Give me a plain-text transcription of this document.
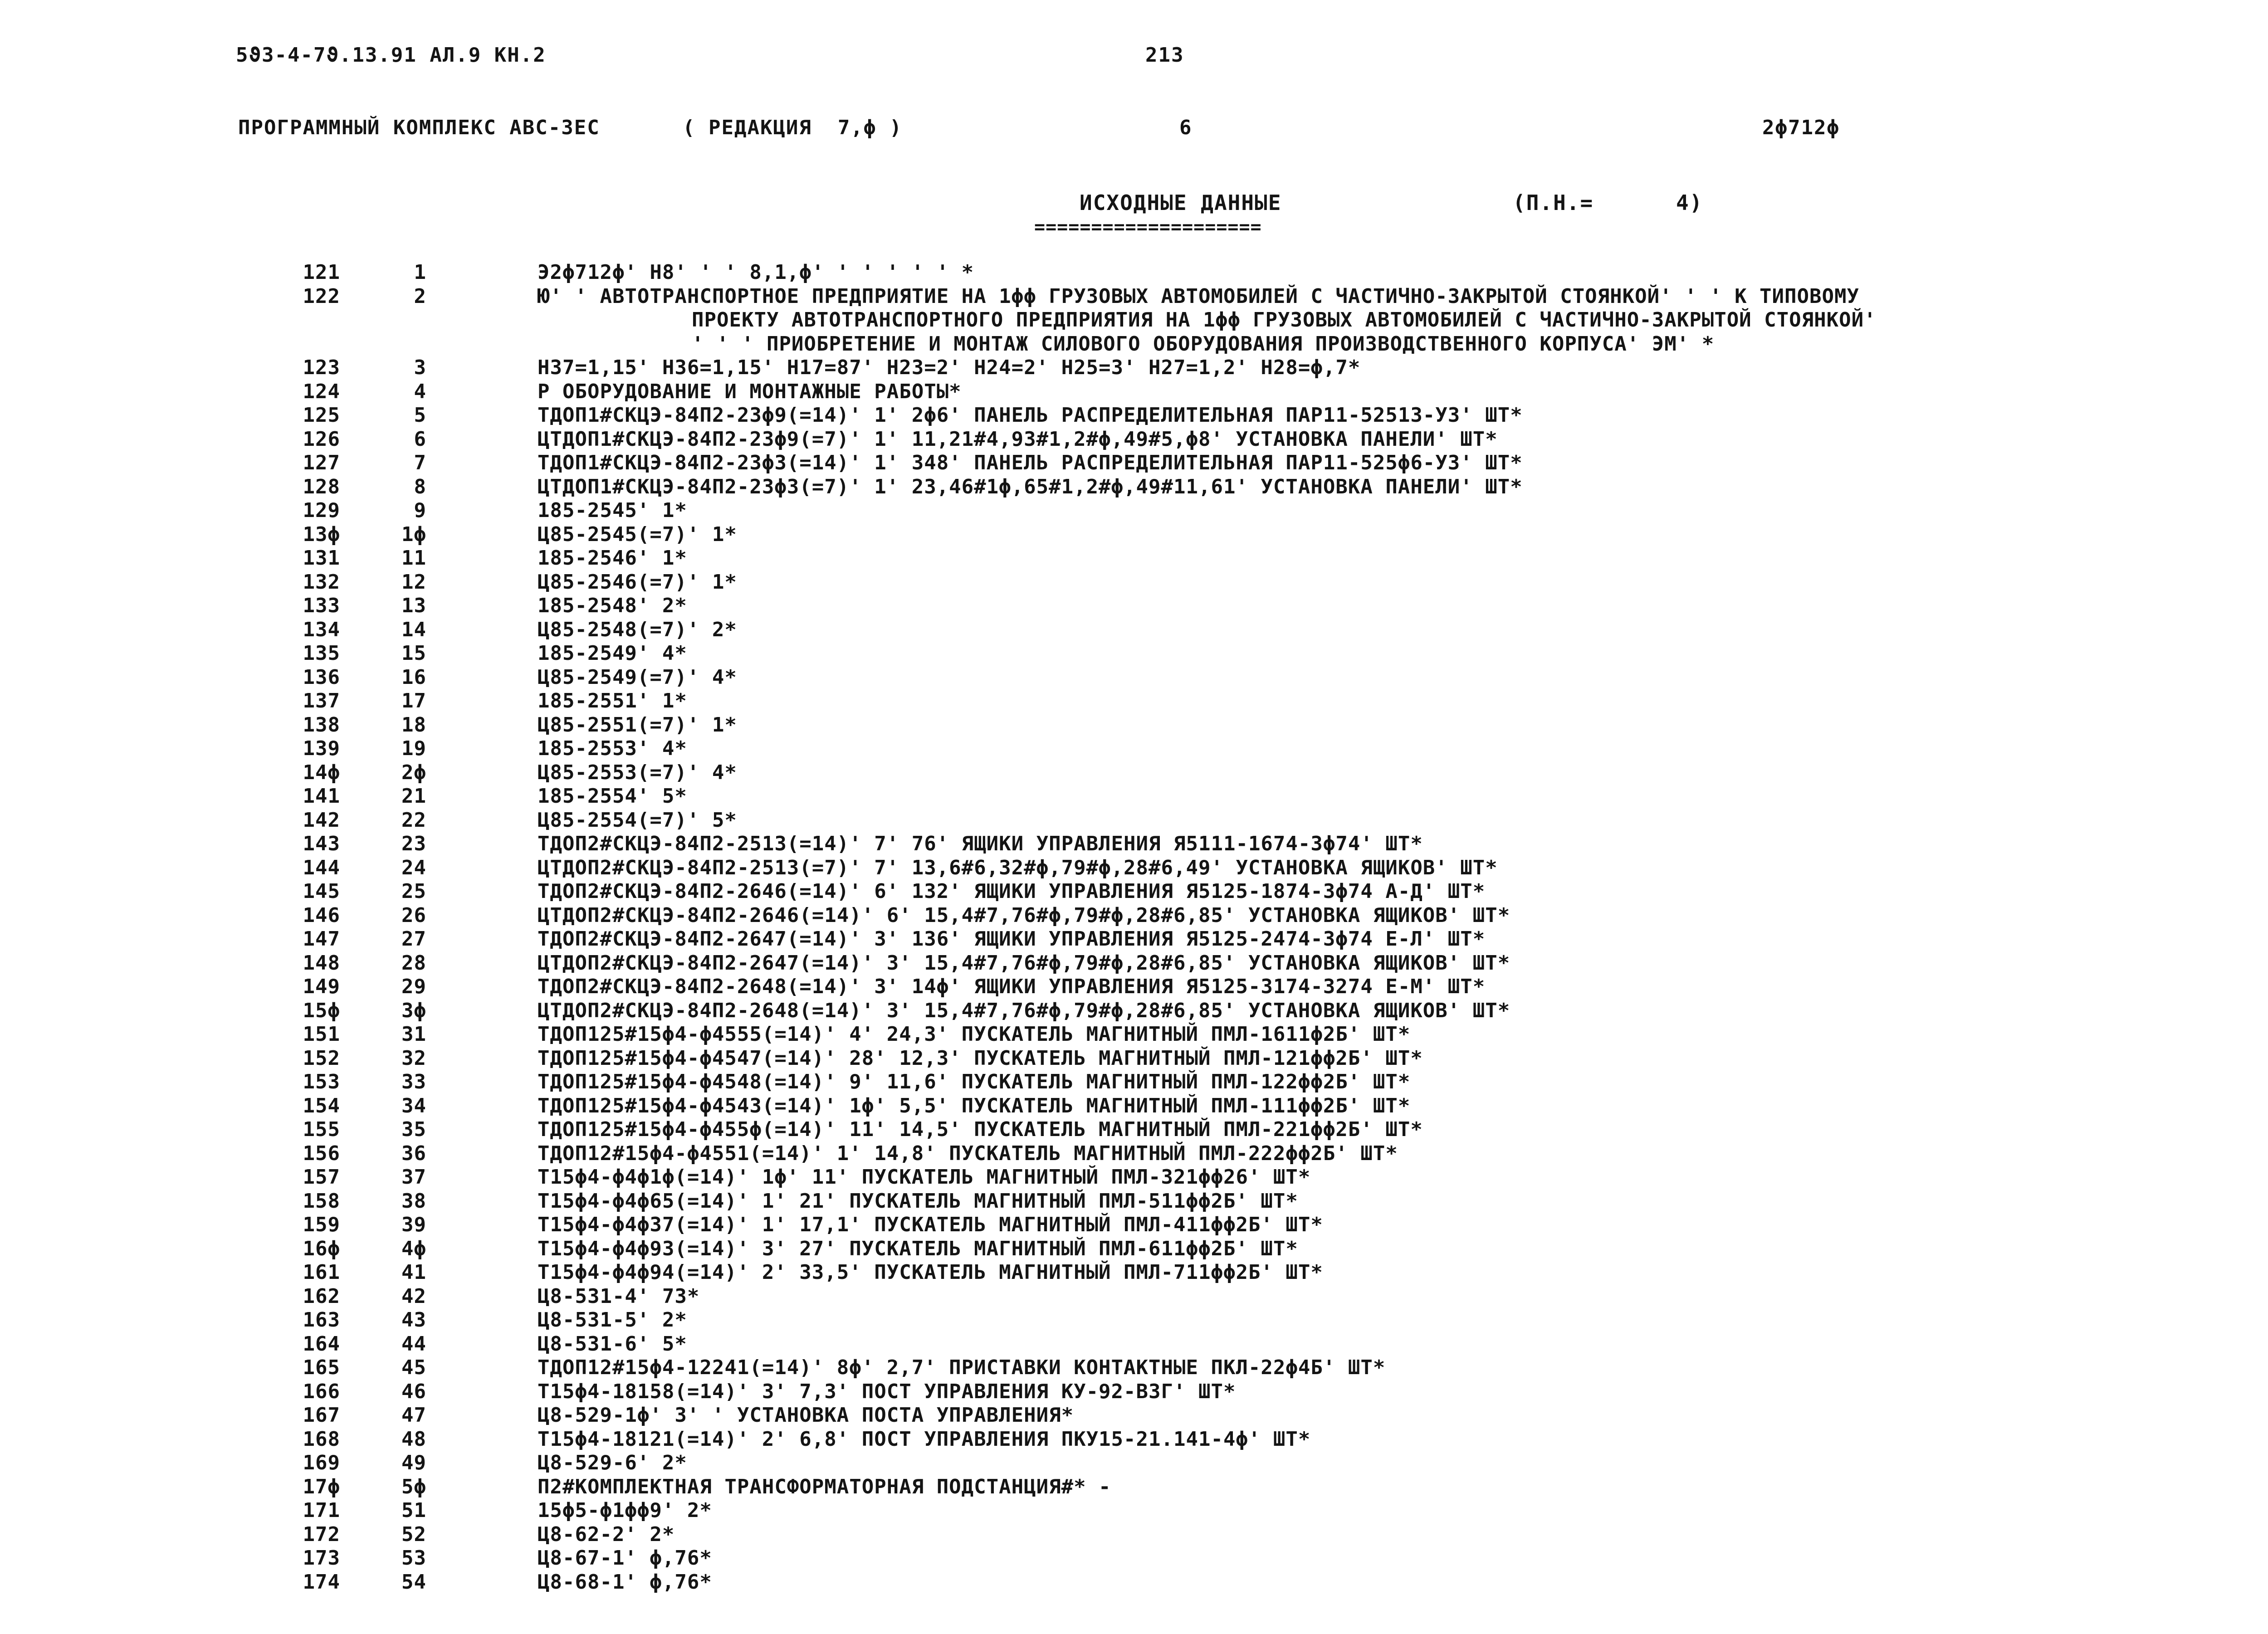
5ϑ3-4-7ϑ.13.91 АЛ.9 КН.2	213
ПРОГРАММНЫЙ КОМПЛЕКС АВС-3ЕС	( РЕДАКЦИЯ  7,ϕ )	6	2ϕ712ϕ
ИСХОДНЫЕ ДАННЫЕ	(П.Н.=	4)
====================
121	1	Э2ϕ712ϕ' Н8' ' ' 8,1,ϕ' ' ' ' ' ' *
122	2	Ю' ' АВТОТРАНСПОРТНОЕ ПРЕДПРИЯТИЕ НА 1ϕϕ ГРУЗОВЫХ АВТОМОБИЛЕЙ С ЧАСТИЧНО-ЗАКРЫТОЙ СТОЯНКОЙ' ' ' К ТИПОВОМУ
ПРОЕКТУ АВТОТРАНСПОРТНОГО ПРЕДПРИЯТИЯ НА 1ϕϕ ГРУЗОВЫХ АВТОМОБИЛЕЙ С ЧАСТИЧНО-ЗАКРЫТОЙ СТОЯНКОЙ'
' ' ' ПРИОБРЕТЕНИЕ И МОНТАЖ СИЛОВОГО ОБОРУДОВАНИЯ ПРОИЗВОДСТВЕННОГО КОРПУСА' ЭМ' *
123	3	Н37=1,15' Н36=1,15' Н17=87' Н23=2' Н24=2' Н25=3' Н27=1,2' Н28=ϕ,7*
124	4	Р ОБОРУДОВАНИЕ И МОНТАЖНЫЕ РАБОТЫ*
125	5	ТДОП1#СКЦЭ-84П2-23ϕ9(=14)' 1' 2ϕ6' ПАНЕЛЬ РАСПРЕДЕЛИТЕЛЬНАЯ ПАР11-52513-У3' ШТ*
126	6	ЦТДОП1#СКЦЭ-84П2-23ϕ9(=7)' 1' 11,21#4,93#1,2#ϕ,49#5,ϕ8' УСТАНОВКА ПАНЕЛИ' ШТ*
127	7	ТДОП1#СКЦЭ-84П2-23ϕ3(=14)' 1' 348' ПАНЕЛЬ РАСПРЕДЕЛИТЕЛЬНАЯ ПАР11-525ϕ6-У3' ШТ*
128	8	ЦТДОП1#СКЦЭ-84П2-23ϕ3(=7)' 1' 23,46#1ϕ,65#1,2#ϕ,49#11,61' УСТАНОВКА ПАНЕЛИ' ШТ*
129	9	185-2545' 1*
13ϕ	1ϕ	Ц85-2545(=7)' 1*
131	11	185-2546' 1*
132	12	Ц85-2546(=7)' 1*
133	13	185-2548' 2*
134	14	Ц85-2548(=7)' 2*
135	15	185-2549' 4*
136	16	Ц85-2549(=7)' 4*
137	17	185-2551' 1*
138	18	Ц85-2551(=7)' 1*
139	19	185-2553' 4*
14ϕ	2ϕ	Ц85-2553(=7)' 4*
141	21	185-2554' 5*
142	22	Ц85-2554(=7)' 5*
143	23	ТДОП2#СКЦЭ-84П2-2513(=14)' 7' 76' ЯЩИКИ УПРАВЛЕНИЯ Я5111-1674-3ϕ74' ШТ*
144	24	ЦТДОП2#СКЦЭ-84П2-2513(=7)' 7' 13,6#6,32#ϕ,79#ϕ,28#6,49' УСТАНОВКА ЯЩИКОВ' ШТ*
145	25	ТДОП2#СКЦЭ-84П2-2646(=14)' 6' 132' ЯЩИКИ УПРАВЛЕНИЯ Я5125-1874-3ϕ74 А-Д' ШТ*
146	26	ЦТДОП2#СКЦЭ-84П2-2646(=14)' 6' 15,4#7,76#ϕ,79#ϕ,28#6,85' УСТАНОВКА ЯЩИКОВ' ШТ*
147	27	ТДОП2#СКЦЭ-84П2-2647(=14)' 3' 136' ЯЩИКИ УПРАВЛЕНИЯ Я5125-2474-3ϕ74 Е-Л' ШТ*
148	28	ЦТДОП2#СКЦЭ-84П2-2647(=14)' 3' 15,4#7,76#ϕ,79#ϕ,28#6,85' УСТАНОВКА ЯЩИКОВ' ШТ*
149	29	ТДОП2#СКЦЭ-84П2-2648(=14)' 3' 14ϕ' ЯЩИКИ УПРАВЛЕНИЯ Я5125-3174-3274 Е-М' ШТ*
15ϕ	3ϕ	ЦТДОП2#СКЦЭ-84П2-2648(=14)' 3' 15,4#7,76#ϕ,79#ϕ,28#6,85' УСТАНОВКА ЯЩИКОВ' ШТ*
151	31	ТДОП125#15ϕ4-ϕ4555(=14)' 4' 24,3' ПУСКАТЕЛЬ МАГНИТНЫЙ ПМЛ-1611ϕ2Б' ШТ*
152	32	ТДОП125#15ϕ4-ϕ4547(=14)' 28' 12,3' ПУСКАТЕЛЬ МАГНИТНЫЙ ПМЛ-121ϕϕ2Б' ШТ*
153	33	ТДОП125#15ϕ4-ϕ4548(=14)' 9' 11,6' ПУСКАТЕЛЬ МАГНИТНЫЙ ПМЛ-122ϕϕ2Б' ШТ*
154	34	ТДОП125#15ϕ4-ϕ4543(=14)' 1ϕ' 5,5' ПУСКАТЕЛЬ МАГНИТНЫЙ ПМЛ-111ϕϕ2Б' ШТ*
155	35	ТДОП125#15ϕ4-ϕ455ϕ(=14)' 11' 14,5' ПУСКАТЕЛЬ МАГНИТНЫЙ ПМЛ-221ϕϕ2Б' ШТ*
156	36	ТДОП12#15ϕ4-ϕ4551(=14)' 1' 14,8' ПУСКАТЕЛЬ МАГНИТНЫЙ ПМЛ-222ϕϕ2Б' ШТ*
157	37	Т15ϕ4-ϕ4ϕ1ϕ(=14)' 1ϕ' 11' ПУСКАТЕЛЬ МАГНИТНЫЙ ПМЛ-321ϕϕ26' ШТ*
158	38	Т15ϕ4-ϕ4ϕ65(=14)' 1' 21' ПУСКАТЕЛЬ МАГНИТНЫЙ ПМЛ-511ϕϕ2Б' ШТ*
159	39	Т15ϕ4-ϕ4ϕ37(=14)' 1' 17,1' ПУСКАТЕЛЬ МАГНИТНЫЙ ПМЛ-411ϕϕ2Б' ШТ*
16ϕ	4ϕ	Т15ϕ4-ϕ4ϕ93(=14)' 3' 27' ПУСКАТЕЛЬ МАГНИТНЫЙ ПМЛ-611ϕϕ2Б' ШТ*
161	41	Т15ϕ4-ϕ4ϕ94(=14)' 2' 33,5' ПУСКАТЕЛЬ МАГНИТНЫЙ ПМЛ-711ϕϕ2Б' ШТ*
162	42	Ц8-531-4' 73*
163	43	Ц8-531-5' 2*
164	44	Ц8-531-6' 5*
165	45	ТДОП12#15ϕ4-12241(=14)' 8ϕ' 2,7' ПРИСТАВКИ КОНТАКТНЫЕ ПКЛ-22ϕ4Б' ШТ*
166	46	Т15ϕ4-18158(=14)' 3' 7,3' ПОСТ УПРАВЛЕНИЯ КУ-92-ВЗГ' ШТ*
167	47	Ц8-529-1ϕ' 3' ' УСТАНОВКА ПОСТА УПРАВЛЕНИЯ*
168	48	Т15ϕ4-18121(=14)' 2' 6,8' ПОСТ УПРАВЛЕНИЯ ПКУ15-21.141-4ϕ' ШТ*
169	49	Ц8-529-6' 2*
17ϕ	5ϕ	П2#КОМПЛЕКТНАЯ ТРАНСФОРМАТОРНАЯ ПОДСТАНЦИЯ#* -
171	51	15ϕ5-ϕ1ϕϕ9' 2*
172	52	Ц8-62-2' 2*
173	53	Ц8-67-1' ϕ,76*
174	54	Ц8-68-1' ϕ,76*
